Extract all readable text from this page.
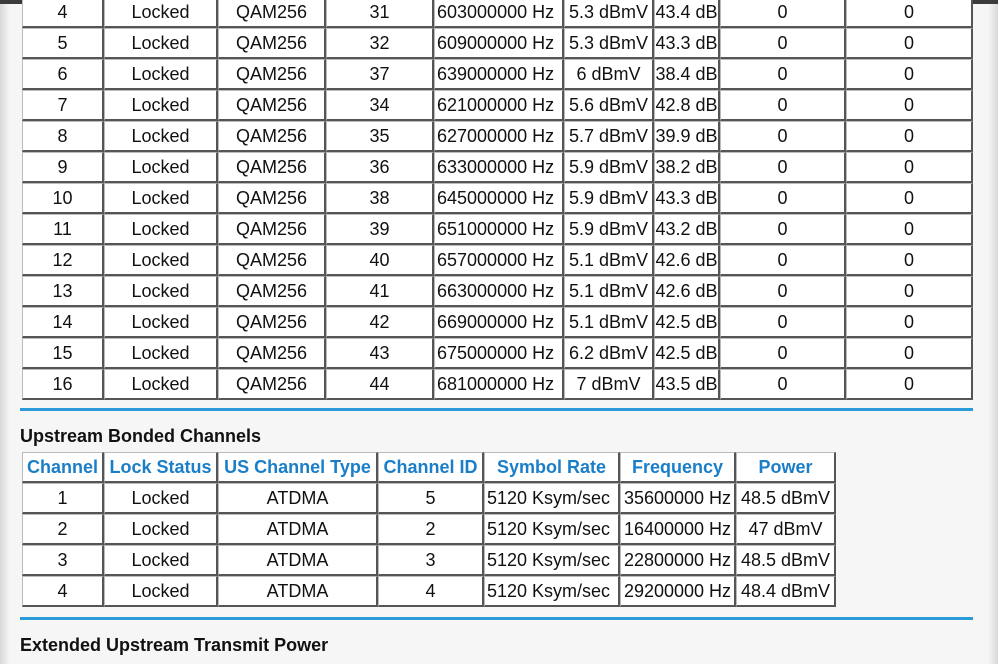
4	Locked	QAM256	31	603000000 Hz	5.3 dBmV	43.4 dB	0	0
5	Locked	QAM256	32	609000000 Hz	5.3 dBmV	43.3 dB	0	0
6	Locked	QAM256	37	639000000 Hz	6 dBmV	38.4 dB	0	0
7	Locked	QAM256	34	621000000 Hz	5.6 dBmV	42.8 dB	0	0
8	Locked	QAM256	35	627000000 Hz	5.7 dBmV	39.9 dB	0	0
9	Locked	QAM256	36	633000000 Hz	5.9 dBmV	38.2 dB	0	0
10	Locked	QAM256	38	645000000 Hz	5.9 dBmV	43.3 dB	0	0
11	Locked	QAM256	39	651000000 Hz	5.9 dBmV	43.2 dB	0	0
12	Locked	QAM256	40	657000000 Hz	5.1 dBmV	42.6 dB	0	0
13	Locked	QAM256	41	663000000 Hz	5.1 dBmV	42.6 dB	0	0
14	Locked	QAM256	42	669000000 Hz	5.1 dBmV	42.5 dB	0	0
15	Locked	QAM256	43	675000000 Hz	6.2 dBmV	42.5 dB	0	0
16	Locked	QAM256	44	681000000 Hz	7 dBmV	43.5 dB	0	0
Upstream Bonded Channels
Channel	Lock Status	US Channel Type	Channel ID	Symbol Rate	Frequency	Power
1	Locked	ATDMA	5	5120 Ksym/sec	35600000 Hz	48.5 dBmV
2	Locked	ATDMA	2	5120 Ksym/sec	16400000 Hz	47 dBmV
3	Locked	ATDMA	3	5120 Ksym/sec	22800000 Hz	48.5 dBmV
4	Locked	ATDMA	4	5120 Ksym/sec	29200000 Hz	48.4 dBmV
Extended Upstream Transmit Power
